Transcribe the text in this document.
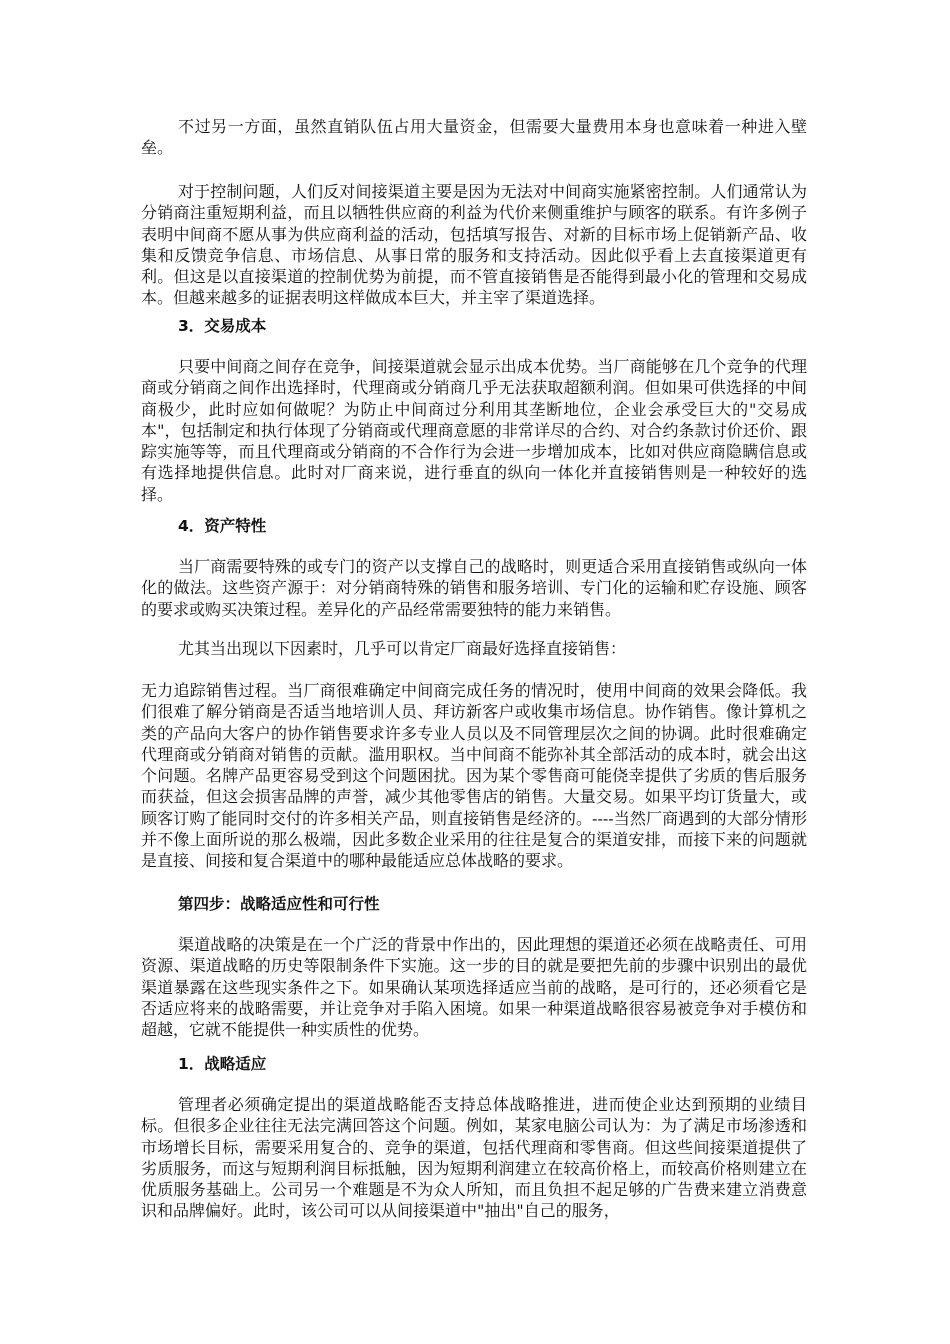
不过另一方面，虽然直销队伍占用大量资金，但需要大量费用本身也意味着一种进入壁垒。
对于控制问题，人们反对间接渠道主要是因为无法对中间商实施紧密控制。人们通常认为分销商注重短期利益，而且以牺牲供应商的利益为代价来侧重维护与顾客的联系。有许多例子表明中间商不愿从事为供应商利益的活动，包括填写报告、对新的目标市场上促销新产品、收集和反馈竞争信息、市场信息、从事日常的服务和支持活动。因此似乎看上去直接渠道更有利。但这是以直接渠道的控制优势为前提，而不管直接销售是否能得到最小化的管理和交易成本。但越来越多的证据表明这样做成本巨大，并主宰了渠道选择。
3．交易成本
只要中间商之间存在竞争，间接渠道就会显示出成本优势。当厂商能够在几个竞争的代理商或分销商之间作出选择时，代理商或分销商几乎无法获取超额利润。但如果可供选择的中间商极少，此时应如何做呢？为防止中间商过分利用其垄断地位，企业会承受巨大的"交易成本"，包括制定和执行体现了分销商或代理商意愿的非常详尽的合约、对合约条款讨价还价、跟踪实施等等，而且代理商或分销商的不合作行为会进一步增加成本，比如对供应商隐瞒信息或有选择地提供信息。此时对厂商来说，进行垂直的纵向一体化并直接销售则是一种较好的选择。
4．资产特性
当厂商需要特殊的或专门的资产以支撑自己的战略时，则更适合采用直接销售或纵向一体化的做法。这些资产源于：对分销商特殊的销售和服务培训、专门化的运输和贮存设施、顾客的要求或购买决策过程。差异化的产品经常需要独特的能力来销售。
尤其当出现以下因素时，几乎可以肯定厂商最好选择直接销售：
无力追踪销售过程。当厂商很难确定中间商完成任务的情况时，使用中间商的效果会降低。我们很难了解分销商是否适当地培训人员、拜访新客户或收集市场信息。协作销售。像计算机之类的产品向大客户的协作销售要求许多专业人员以及不同管理层次之间的协调。此时很难确定代理商或分销商对销售的贡献。滥用职权。当中间商不能弥补其全部活动的成本时，就会出这个问题。名牌产品更容易受到这个问题困扰。因为某个零售商可能侥幸提供了劣质的售后服务而获益，但这会损害品牌的声誉，减少其他零售店的销售。大量交易。如果平均订货量大，或顾客订购了能同时交付的许多相关产品，则直接销售是经济的。----当然厂商遇到的大部分情形并不像上面所说的那么极端，因此多数企业采用的往往是复合的渠道安排，而接下来的问题就是直接、间接和复合渠道中的哪种最能适应总体战略的要求。
第四步：战略适应性和可行性
渠道战略的决策是在一个广泛的背景中作出的，因此理想的渠道还必须在战略责任、可用资源、渠道战略的历史等限制条件下实施。这一步的目的就是要把先前的步骤中识别出的最优渠道暴露在这些现实条件之下。如果确认某项选择适应当前的战略，是可行的，还必须看它是否适应将来的战略需要，并让竞争对手陷入困境。如果一种渠道战略很容易被竞争对手模仿和超越，它就不能提供一种实质性的优势。
1．战略适应
管理者必须确定提出的渠道战略能否支持总体战略推进，进而使企业达到预期的业绩目标。但很多企业往往无法完满回答这个问题。例如，某家电脑公司认为：为了满足市场渗透和市场增长目标，需要采用复合的、竞争的渠道，包括代理商和零售商。但这些间接渠道提供了劣质服务，而这与短期利润目标抵触，因为短期利润建立在较高价格上，而较高价格则建立在优质服务基础上。公司另一个难题是不为众人所知，而且负担不起足够的广告费来建立消费意识和品牌偏好。此时，该公司可以从间接渠道中"抽出"自己的服务，
